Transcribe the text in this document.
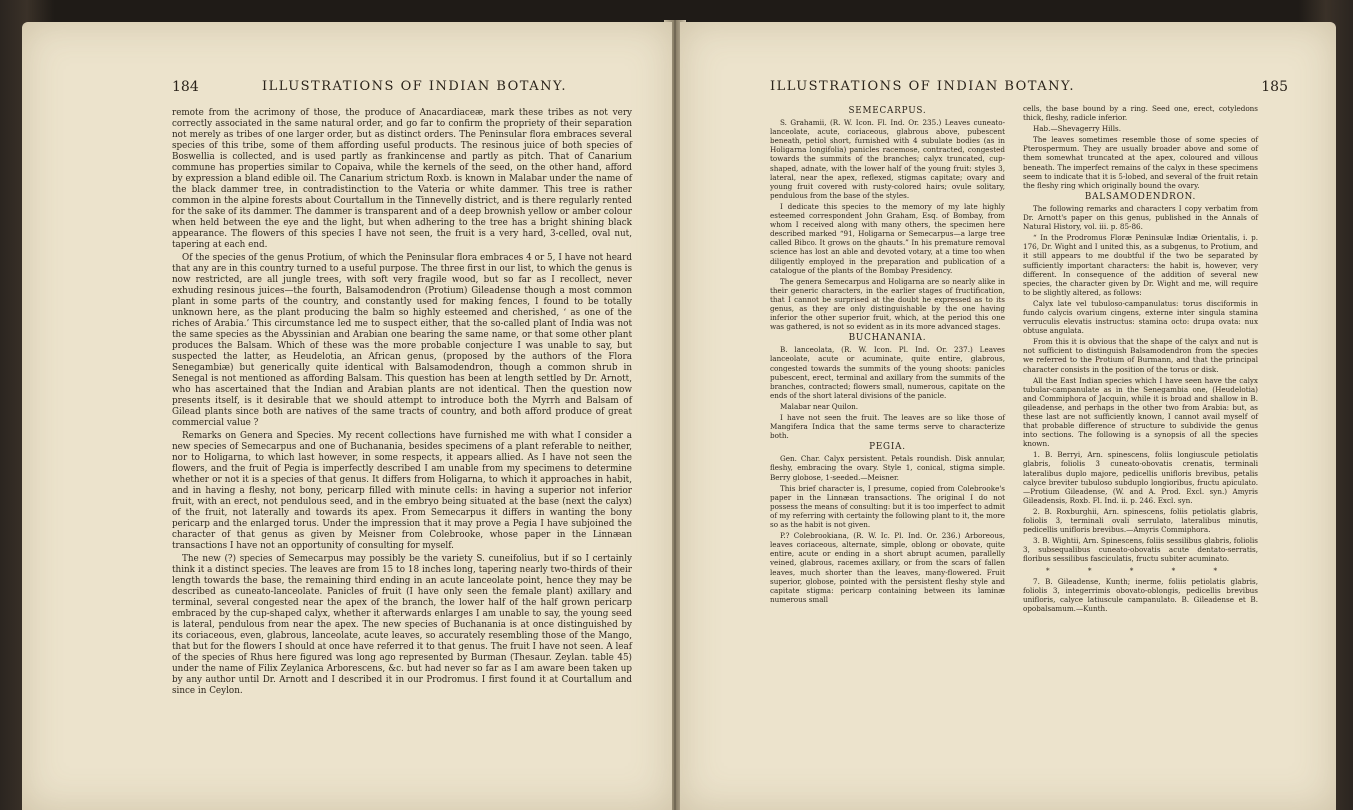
184	ILLUSTRATIONS OF INDIAN BOTANY.

remote from the acrimony of those, the produce of Anacardiaceæ, mark these tribes as not very correctly associated in the same natural order, and go far to confirm the propriety of their separation not merely as tribes of one larger order, but as distinct orders. The Peninsular flora embraces several species of this tribe, some of them affording useful products. The resinous juice of both species of Boswellia is collected, and is used partly as frankincense and partly as pitch. That of Canarium commune has properties similar to Copaiva, while the kernels of the seed, on the other hand, afford by expression a bland edible oil. The Canarium strictum Roxb. is known in Malabar under the name of the black dammer tree, in contradistinction to the Vateria or white dammer. This tree is rather common in the alpine forests about Courtallum in the Tinnevelly district, and is there regularly rented for the sake of its dammer. The dammer is transparent and of a deep brownish yellow or amber colour when held between the eye and the light, but when adhering to the tree has a bright shining black appearance. The flowers of this species I have not seen, the fruit is a very hard, 3-celled, oval nut, tapering at each end.

Of the species of the genus Protium, of which the Peninsular flora embraces 4 or 5, I have not heard that any are in this country turned to a useful purpose. The three first in our list, to which the genus is now restricted, are all jungle trees, with soft very fragile wood, but so far as I recollect, never exhuding resinous juices—the fourth, Balsamodendron (Protium) Gileadense though a most common plant in some parts of the country, and constantly used for making fences, I found to be totally unknown here, as the plant producing the balm so highly esteemed and cherished, ‘ as one of the riches of Arabia.’ This circumstance led me to suspect either, that the so-called plant of India was not the same species as the Abyssinian and Arabian one bearing the same name, or that some other plant produces the Balsam. Which of these was the more probable conjecture I was unable to say, but suspected the latter, as Heudelotia, an African genus, (proposed by the authors of the Flora Senegambiæ) but generically quite identical with Balsamodendron, though a common shrub in Senegal is not mentioned as affording Balsam. This question has been at length settled by Dr. Arnott, who has ascertained that the Indian and Arabian plants are not identical. Then the question now presents itself, is it desirable that we should attempt to introduce both the Myrrh and Balsam of Gilead plants since both are natives of the same tracts of country, and both afford produce of great commercial value ?

Remarks on Genera and Species. My recent collections have furnished me with what I consider a new species of Semecarpus and one of Buchanania, besides specimens of a plant referable to neither, nor to Holigarna, to which last however, in some respects, it appears allied. As I have not seen the flowers, and the fruit of Pegia is imperfectly described I am unable from my specimens to determine whether or not it is a species of that genus. It differs from Holigarna, to which it approaches in habit, and in having a fleshy, not bony, pericarp filled with minute cells: in having a superior not inferior fruit, with an erect, not pendulous seed, and in the embryo being situated at the base (next the calyx) of the fruit, not laterally and towards its apex. From Semecarpus it differs in wanting the bony pericarp and the enlarged torus. Under the impression that it may prove a Pegia I have subjoined the character of that genus as given by Meisner from Colebrooke, whose paper in the Linnæan transactions I have not an opportunity of consulting for myself.

The new (?) species of Semecarpus may possibly be the variety S. cuneifolius, but if so I certainly think it a distinct species. The leaves are from 15 to 18 inches long, tapering nearly two-thirds of their length towards the base, the remaining third ending in an acute lanceolate point, hence they may be described as cuneato-lanceolate. Panicles of fruit (I have only seen the female plant) axillary and terminal, several congested near the apex of the branch, the lower half of the half grown pericarp embraced by the cup-shaped calyx, whether it afterwards enlarges I am unable to say, the young seed is lateral, pendulous from near the apex. The new species of Buchanania is at once distinguished by its coriaceous, even, glabrous, lanceolate, acute leaves, so accurately resembling those of the Mango, that but for the flowers I should at once have referred it to that genus. The fruit I have not seen. A leaf of the species of Rhus here figured was long ago represented by Burman (Thesaur. Zeylan. table 45) under the name of Filix Zeylanica Arborescens, &c. but had never so far as I am aware been taken up by any author until Dr. Arnott and I described it in our Prodromus. I first found it at Courtallum and since in Ceylon.

ILLUSTRATIONS OF INDIAN BOTANY.	185

SEMECARPUS.

S. Grahamii, (R. W. Icon. Fl. Ind. Or. 235.) Leaves cuneato-lanceolate, acute, coriaceous, glabrous above, pubescent beneath, petiol short, furnished with 4 subulate bodies (as in Holigarna longifolia) panicles racemose, contracted, congested towards the summits of the branches; calyx truncated, cup-shaped, adnate, with the lower half of the young fruit: styles 3, lateral, near the apex, reflexed, stigmas capitate; ovary and young fruit covered with rusty-colored hairs; ovule solitary, pendulous from the base of the styles.

I dedicate this species to the memory of my late highly esteemed correspondent John Graham, Esq. of Bombay, from whom I received along with many others, the specimen here described marked “91, Holigarna or Semecarpus—a large tree called Bibco. It grows on the ghauts.” In his premature removal science has lost an able and devoted votary, at a time too when diligently employed in the preparation and publication of a catalogue of the plants of the Bombay Presidency.

The genera Semecarpus and Holigarna are so nearly alike in their generic characters, in the earlier stages of fructification, that I cannot be surprised at the doubt he expressed as to its genus, as they are only distinguishable by the one having inferior the other superior fruit, which, at the period this one was gathered, is not so evident as in its more advanced stages.

BUCHANANIA.

B. lanceolata, (R. W. Icon. Pl. Ind. Or. 237.) Leaves lanceolate, acute or acuminate, quite entire, glabrous, congested towards the summits of the young shoots: panicles pubescent, erect, terminal and axillary from the summits of the branches, contracted; flowers small, numerous, capitate on the ends of the short lateral divisions of the panicle.

Malabar near Quilon.

I have not seen the fruit. The leaves are so like those of Mangifera Indica that the same terms serve to characterize both.

PEGIA.

Gen. Char. Calyx persistent. Petals roundish. Disk annular, fleshy, embracing the ovary. Style 1, conical, stigma simple. Berry globose, 1-seeded.—Meisner.

This brief character is, I presume, copied from Colebrooke's paper in the Linnæan transactions. The original I do not possess the means of consulting: but it is too imperfect to admit of my referring with certainty the following plant to it, the more so as the habit is not given.

P.? Colebrookiana, (R. W. Ic. Pl. Ind. Or. 236.) Arboreous, leaves coriaceous, alternate, simple, oblong or obovate, quite entire, acute or ending in a short abrupt acumen, parallelly veined, glabrous, racemes axillary, or from the scars of fallen leaves, much shorter than the leaves, many-flowered. Fruit superior, globose, pointed with the persistent fleshy style and capitate stigma: pericarp containing between its laminæ numerous small

cells, the base bound by a ring. Seed one, erect, cotyledons thick, fleshy, radicle inferior.

Hab.—Shevagerry Hills.

The leaves sometimes resemble those of some species of Pterospermum. They are usually broader above and some of them somewhat truncated at the apex, coloured and villous beneath. The imperfect remains of the calyx in these specimens seem to indicate that it is 5-lobed, and several of the fruit retain the fleshy ring which originally bound the ovary.

BALSAMODENDRON.

The following remarks and characters I copy verbatim from Dr. Arnott's paper on this genus, published in the Annals of Natural History, vol. iii. p. 85-86.

“ In the Prodromus Floræ Peninsulæ Indiæ Orientalis, i. p. 176, Dr. Wight and I united this, as a subgenus, to Protium, and it still appears to me doubtful if the two be separated by sufficiently important characters: the habit is, however, very different. In consequence of the addition of several new species, the character given by Dr. Wight and me, will require to be slightly altered, as follows:

Calyx late vel tubuloso-campanulatus: torus disciformis in fundo calycis ovarium cingens, externe inter singula stamina verruculis elevatis instructus: stamina octo: drupa ovata: nux obtuse angulata.

From this it is obvious that the shape of the calyx and nut is not sufficient to distinguish Balsamodendron from the species we referred to the Protium of Burmann, and that the principal character consists in the position of the torus or disk.

All the East Indian species which I have seen have the calyx tubular-campanulate as in the Senegambia one, (Heudelotia) and Commiphora of Jacquin, while it is broad and shallow in B. gileadense, and perhaps in the other two from Arabia: but, as these last are not sufficiently known, I cannot avail myself of that probable difference of structure to subdivide the genus into sections. The following is a synopsis of all the species known.

1. B. Berryi, Arn. spinescens, foliis longiuscule petiolatis glabris, foliolis 3 cuneato-obovatis crenatis, terminali lateralibus duplo majore, pedicellis unifloris brevibus, petalis calyce breviter tubuloso subduplo longioribus, fructu apiculato.—Protium Gileadense, (W. and A. Prod. Excl. syn.) Amyris Gileadensis, Roxb. Fl. Ind. ii. p. 246. Excl. syn.

2. B. Roxburghii, Arn. spinescens, foliis petiolatis glabris, foliolis 3, terminali ovali serrulato, lateralibus minutis, pedicellis unifloris brevibus.—Amyris Commiphora.

3. B. Wightii, Arn. Spinescens, foliis sessilibus glabris, foliolis 3, subsequalibus cuneato-obovatis acute dentato-serratis, floribus sessilibus fasciculatis, fructu subiter acuminato.

* * * * *

7. B. Gileadense, Kunth; inerme, foliis petiolatis glabris, foliolis 3, integerrimis obovato-oblongis, pedicellis brevibus unifloris, calyce latiuscule campanulato. B. Gileadense et B. opobalsamum.—Kunth.
